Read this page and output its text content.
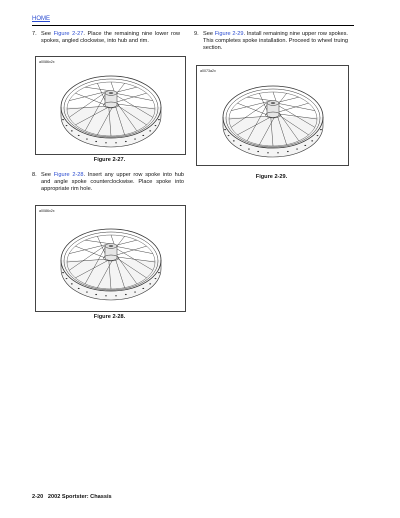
HOME
7. See Figure 2-27. Place the remaining nine lower row spokes, angled clockwise, into hub and rim.
9. See Figure 2-29. Install remaining nine upper row spokes. This completes spoke installation. Proceed to wheel truing section.
a0086x2x
Figure 2-27.
8. See Figure 2-28. Insert any upper row spoke into hub and angle spoke counterclockwise. Place spoke into appropriate rim hole.
a0086x2x
Figure 2-28.
a0073a2x
Figure 2-29.
2-20 2002 Sportster: Chassis
